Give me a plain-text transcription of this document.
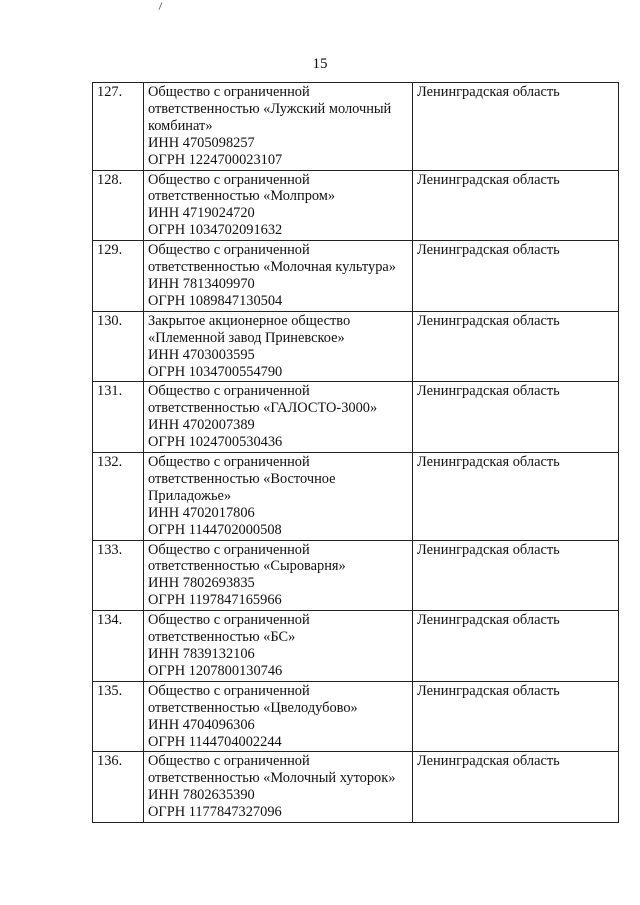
15
127.	Общество с ограниченной
ответственностью «Лужский молочный
комбинат»
ИНН 4705098257
ОГРН 1224700023107	Ленинградская область
128.	Общество с ограниченной
ответственностью «Молпром»
ИНН 4719024720
ОГРН 1034702091632	Ленинградская область
129.	Общество с ограниченной
ответственностью «Молочная культура»
ИНН 7813409970
ОГРН 1089847130504	Ленинградская область
130.	Закрытое акционерное общество
«Племенной завод Приневское»
ИНН 4703003595
ОГРН 1034700554790	Ленинградская область
131.	Общество с ограниченной
ответственностью «ГАЛОСТО-3000»
ИНН 4702007389
ОГРН 1024700530436	Ленинградская область
132.	Общество с ограниченной
ответственностью «Восточное
Приладожье»
ИНН 4702017806
ОГРН 1144702000508	Ленинградская область
133.	Общество с ограниченной
ответственностью «Сыроварня»
ИНН 7802693835
ОГРН 1197847165966	Ленинградская область
134.	Общество с ограниченной
ответственностью «БС»
ИНН 7839132106
ОГРН 1207800130746	Ленинградская область
135.	Общество с ограниченной
ответственностью «Цвелодубово»
ИНН 4704096306
ОГРН 1144704002244	Ленинградская область
136.	Общество с ограниченной
ответственностью «Молочный хуторок»
ИНН 7802635390
ОГРН 1177847327096	Ленинградская область
